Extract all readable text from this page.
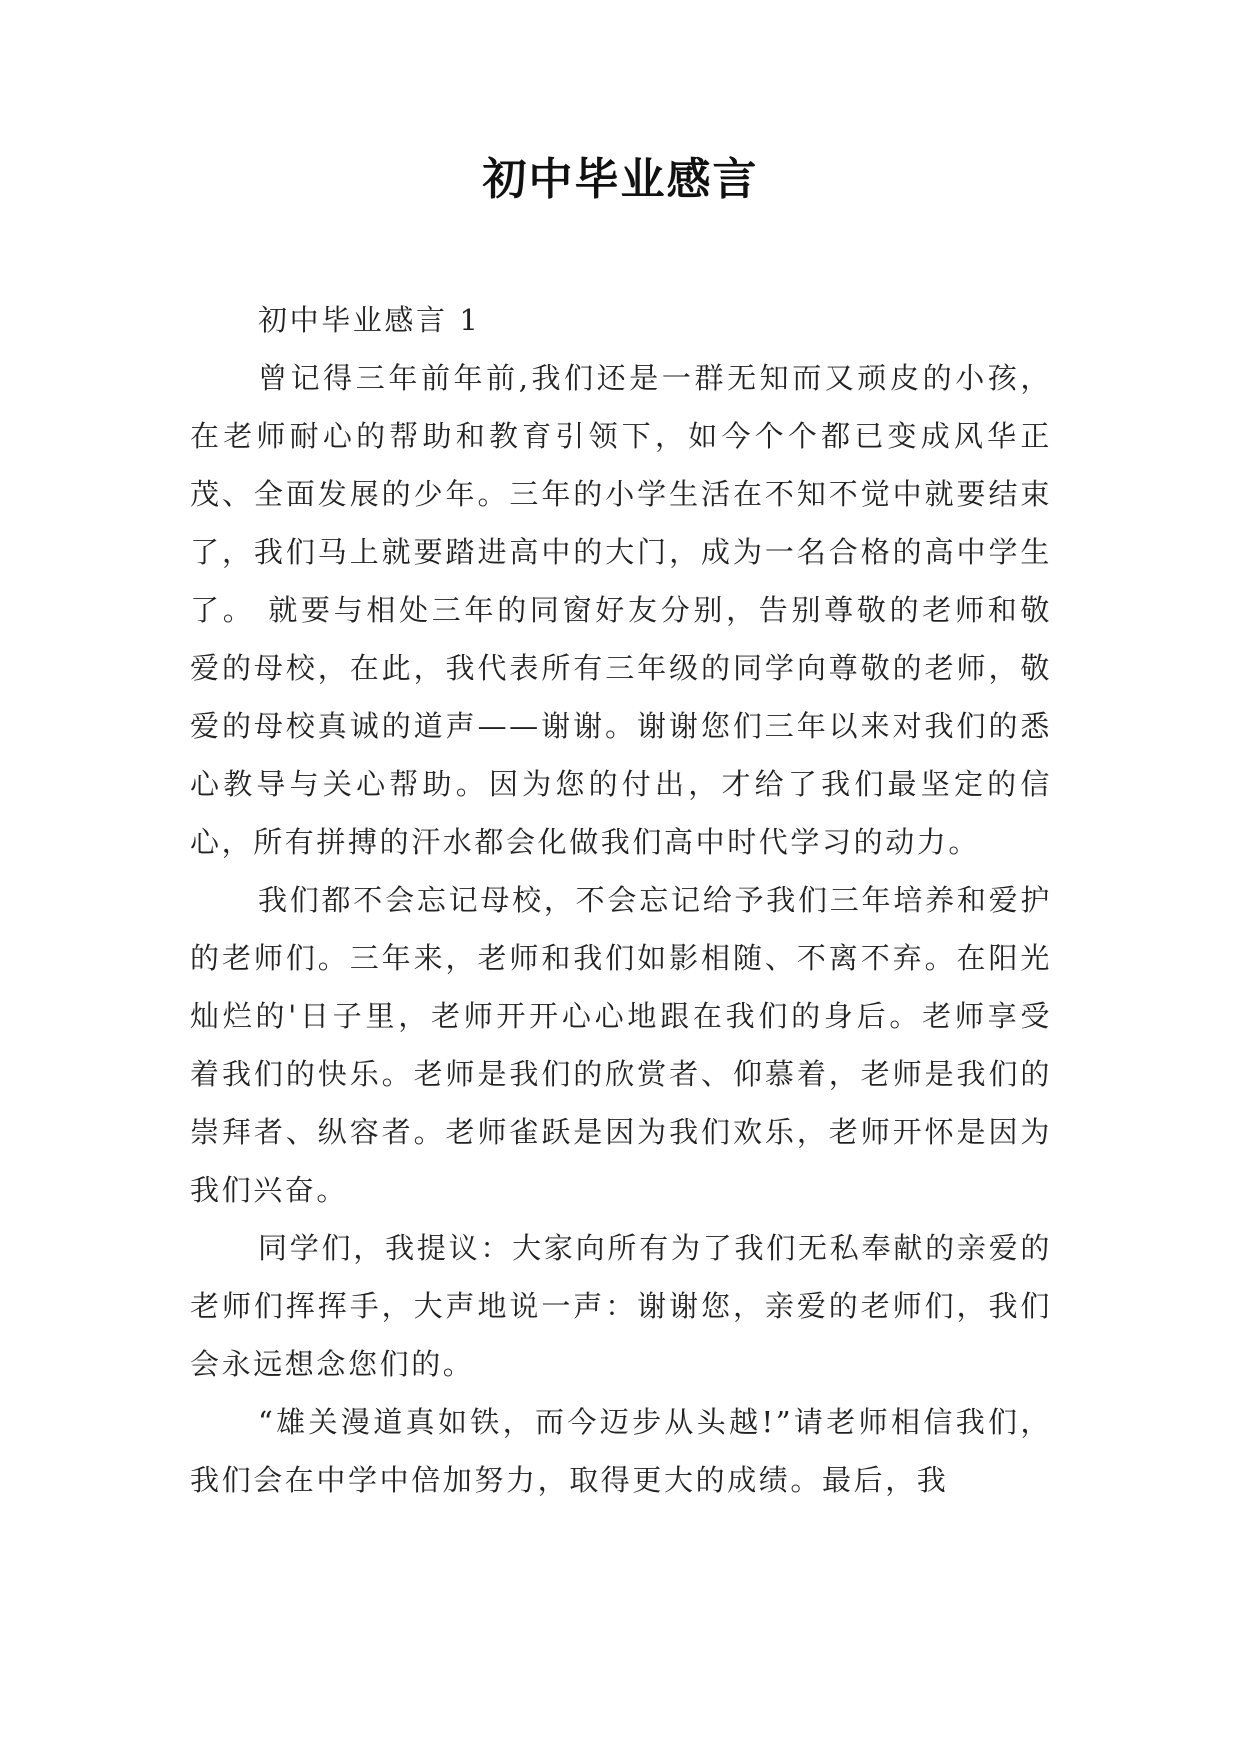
初中毕业感言

初中毕业感言 1

曾记得三年前年前,我们还是一群无知而又顽皮的小孩，在老师耐心的帮助和教育引领下，如今个个都已变成风华正茂、全面发展的少年。三年的小学生活在不知不觉中就要结束了，我们马上就要踏进高中的大门，成为一名合格的高中学生了。 就要与相处三年的同窗好友分别，告别尊敬的老师和敬爱的母校，在此，我代表所有三年级的同学向尊敬的老师，敬爱的母校真诚的道声——谢谢。谢谢您们三年以来对我们的悉心教导与关心帮助。因为您的付出，才给了我们最坚定的信心，所有拼搏的汗水都会化做我们高中时代学习的动力。

我们都不会忘记母校，不会忘记给予我们三年培养和爱护的老师们。三年来，老师和我们如影相随、不离不弃。在阳光灿烂的'日子里，老师开开心心地跟在我们的身后。老师享受着我们的快乐。老师是我们的欣赏者、仰慕着，老师是我们的崇拜者、纵容者。老师雀跃是因为我们欢乐，老师开怀是因为我们兴奋。

同学们，我提议：大家向所有为了我们无私奉献的亲爱的老师们挥挥手，大声地说一声：谢谢您，亲爱的老师们，我们会永远想念您们的。

“雄关漫道真如铁，而今迈步从头越!”请老师相信我们，我们会在中学中倍加努力，取得更大的成绩。最后，我
